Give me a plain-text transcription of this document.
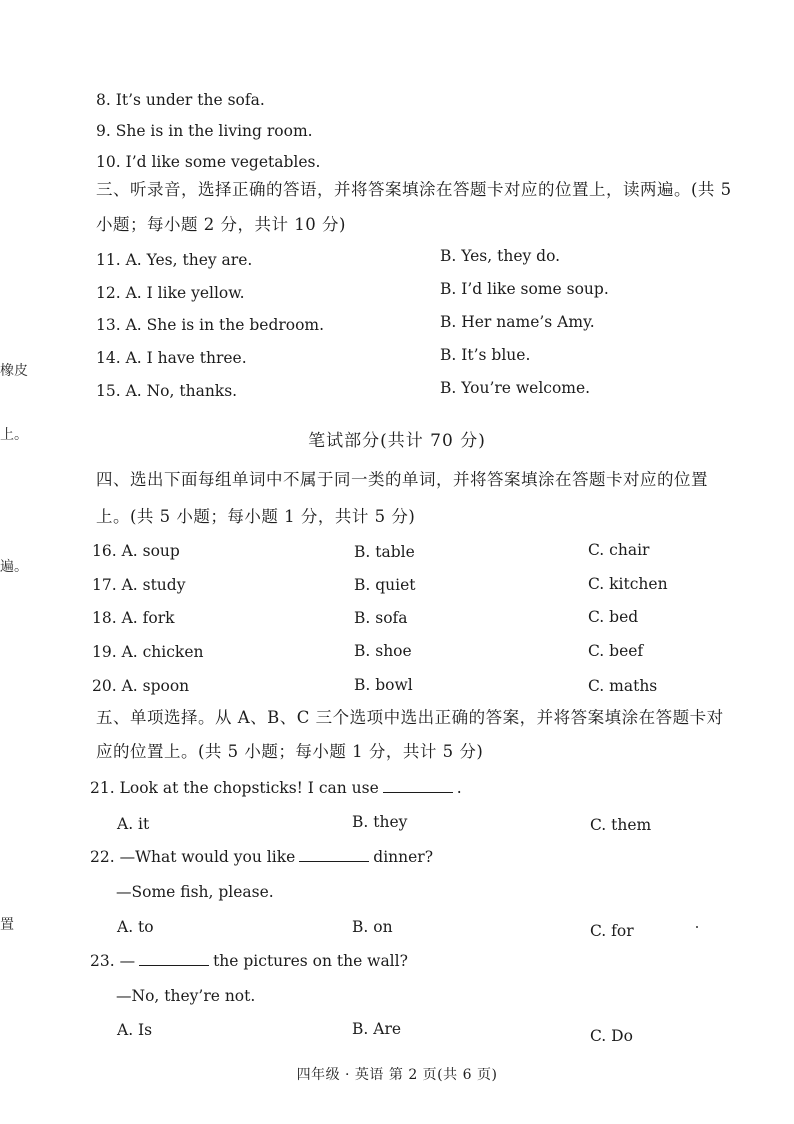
橡皮
上。
遍。
置
8. It’s under the sofa.
9. She is in the living room.
10. I’d like some vegetables.
三、听录音，选择正确的答语，并将答案填涂在答题卡对应的位置上，读两遍。(共 5
小题；每小题 2 分，共计 10 分)
11. A. Yes, they are.	B. Yes, they do.
12. A. I like yellow.	B. I’d like some soup.
13. A. She is in the bedroom.	B. Her name’s Amy.
14. A. I have three.	B. It’s blue.
15. A. No, thanks.	B. You’re welcome.
笔试部分(共计 70 分)
四、选出下面每组单词中不属于同一类的单词，并将答案填涂在答题卡对应的位置
上。(共 5 小题；每小题 1 分，共计 5 分)
16. A. soup	B. table	C. chair
17. A. study	B. quiet	C. kitchen
18. A. fork	B. sofa	C. bed
19. A. chicken	B. shoe	C. beef
20. A. spoon	B. bowl	C. maths
五、单项选择。从 A、B、C 三个选项中选出正确的答案，并将答案填涂在答题卡对
应的位置上。(共 5 小题；每小题 1 分，共计 5 分)
21. Look at the chopsticks! I can use	.
A. it	B. they	C. them
22. —What would you like	dinner?
—Some fish, please.
A. to	B. on	C. for
23. —	the pictures on the wall?
—No, they’re not.
A. Is	B. Are	C. Do
四年级 · 英语 第 2 页(共 6 页)
